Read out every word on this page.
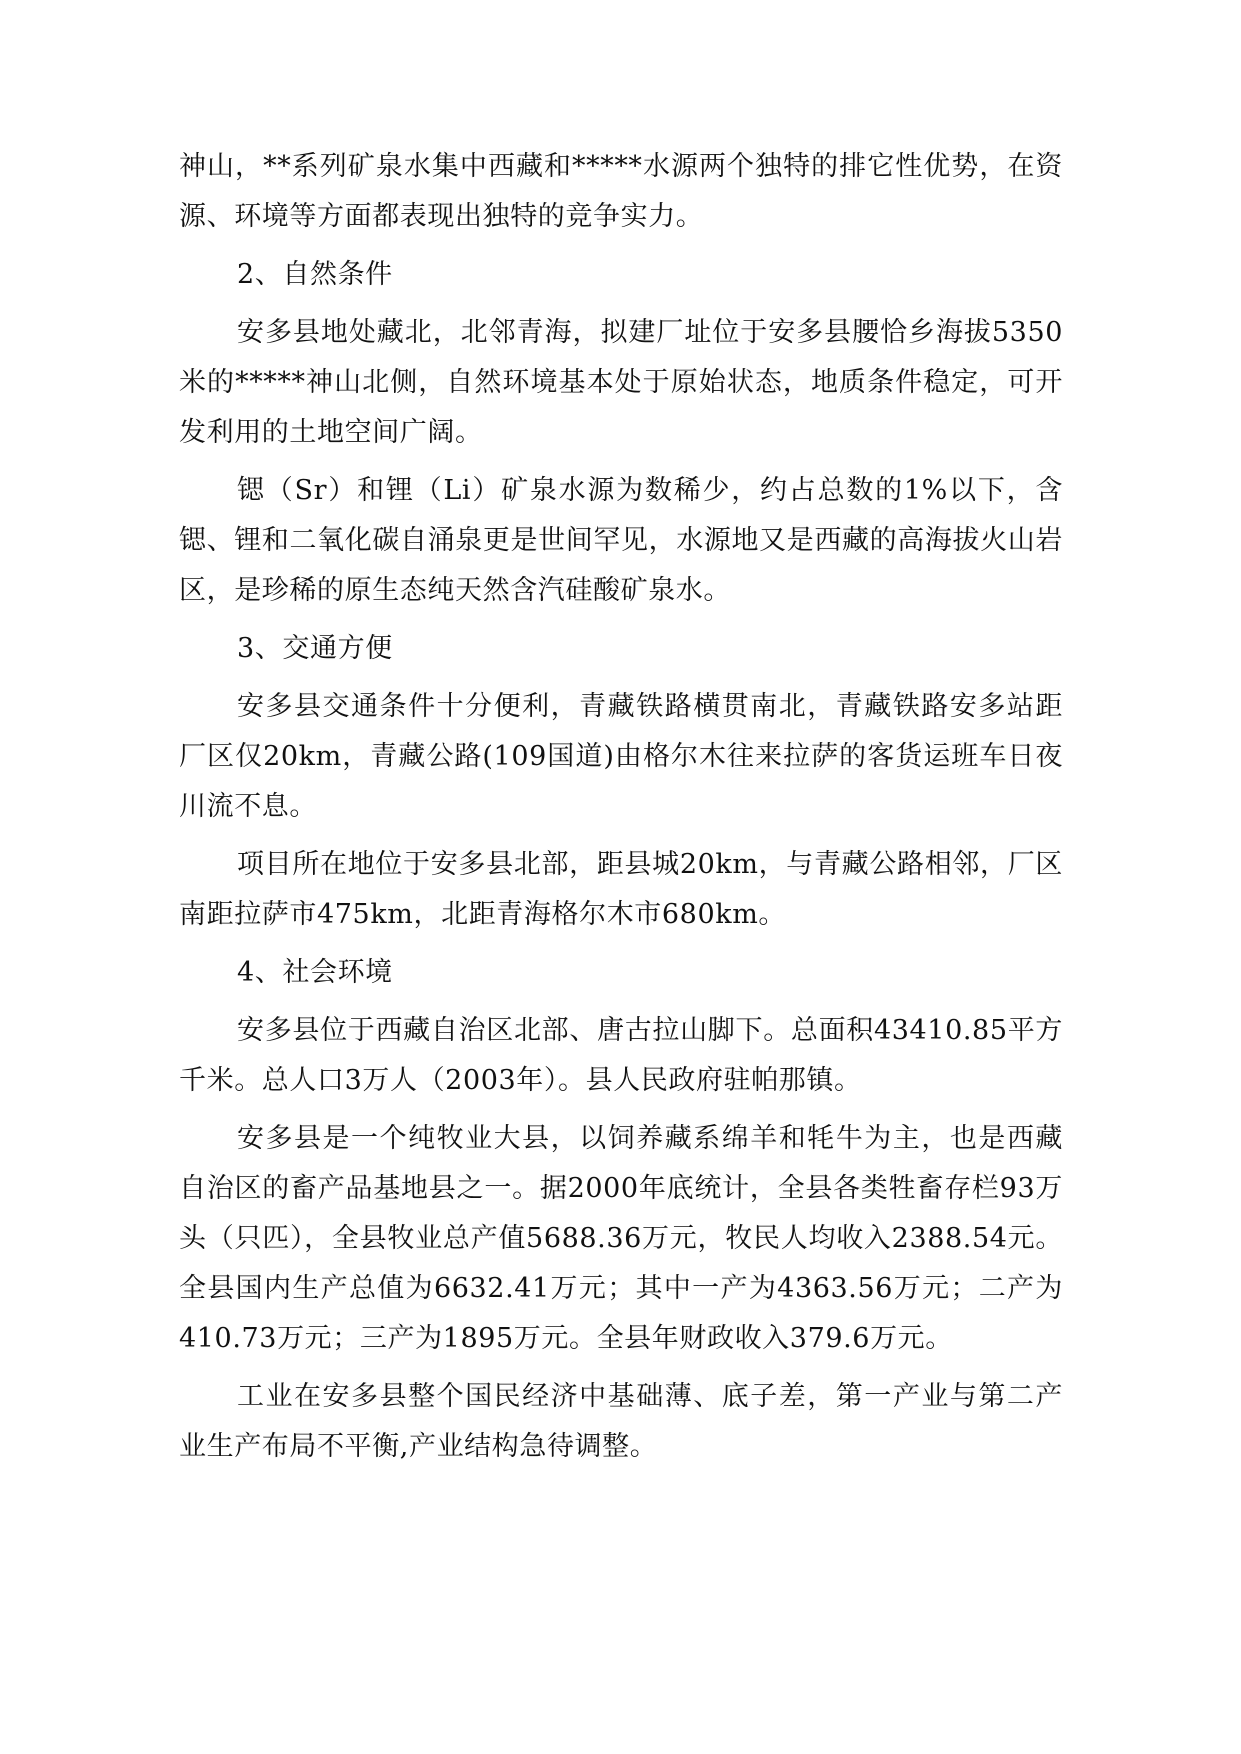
神山，**系列矿泉水集中西藏和*****水源两个独特的排它性优势，在资源、环境等方面都表现出独特的竞争实力。

2、自然条件

安多县地处藏北，北邻青海，拟建厂址位于安多县腰恰乡海拔5350米的*****神山北侧，自然环境基本处于原始状态，地质条件稳定，可开发利用的土地空间广阔。

锶（Sr）和锂（Li）矿泉水源为数稀少，约占总数的1%以下，含锶、锂和二氧化碳自涌泉更是世间罕见，水源地又是西藏的高海拔火山岩区，是珍稀的原生态纯天然含汽硅酸矿泉水。

3、交通方便

安多县交通条件十分便利，青藏铁路横贯南北，青藏铁路安多站距厂区仅20km，青藏公路(109国道)由格尔木往来拉萨的客货运班车日夜川流不息。

项目所在地位于安多县北部，距县城20km，与青藏公路相邻，厂区南距拉萨市475km，北距青海格尔木市680km。

4、社会环境

安多县位于西藏自治区北部、唐古拉山脚下。总面积43410.85平方千米。总人口3万人（2003年）。县人民政府驻帕那镇。

安多县是一个纯牧业大县，以饲养藏系绵羊和牦牛为主，也是西藏自治区的畜产品基地县之一。据2000年底统计，全县各类牲畜存栏93万头（只匹），全县牧业总产值5688.36万元，牧民人均收入2388.54元。全县国内生产总值为6632.41万元；其中一产为4363.56万元；二产为410.73万元；三产为1895万元。全县年财政收入379.6万元。

工业在安多县整个国民经济中基础薄、底子差，第一产业与第二产业生产布局不平衡,产业结构急待调整。
